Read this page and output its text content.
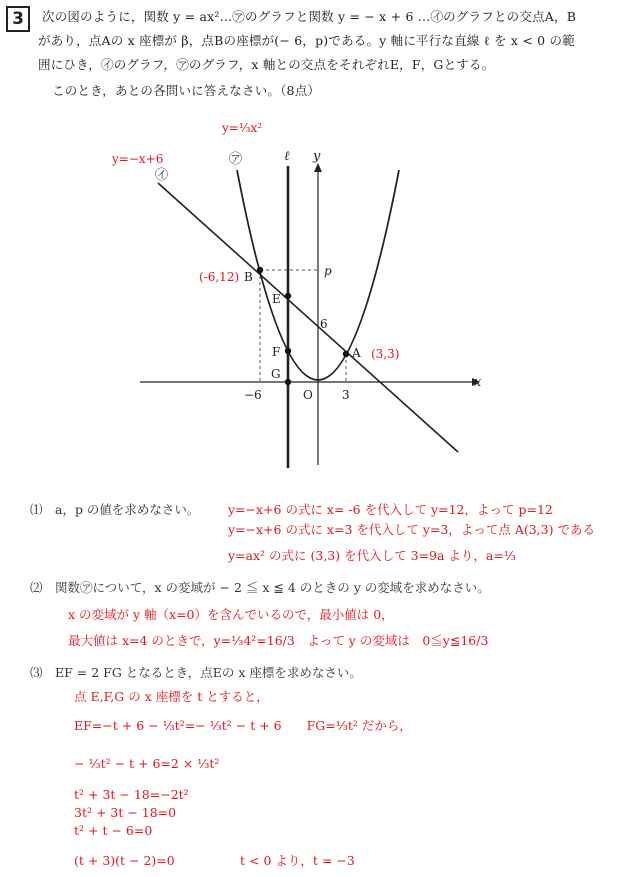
3	次の図のように，関数 y = ax²…㋐のグラフと関数 y = − x + 6 …㋑のグラフとの交点A，B
があり，点Aの x 座標が β，点Bの座標が(− 6，p)である。y 軸に平行な直線 ℓ を x < 0 の範
囲にひき，㋑のグラフ，㋐のグラフ，x 軸との交点をそれぞれE，F，Gとする。
このとき，あとの各問いに答えなさい。（8点）
y=⅓x²
y=−x+6	㋐
㋑
ℓ y
x
B
(-6,12)	p
E
6
F	A (3,3)
G
−6	O 3
⑴　a，p の値を求めなさい。 y=−x+6 の式に x= -6 を代入して y=12，よって p=12
y=−x+6 の式に x=3 を代入して y=3，よって点 A(3,3) である
y=ax² の式に (3,3) を代入して 3=9a より，a=⅓
⑵　関数㋐について，x の変域が − 2 ≦ x ≦ 4 のときの y の変域を求めなさい。
x の変域が y 軸（x=0）を含んでいるので，最小値は 0，
最大値は x=4 のときで，y=⅓4²=16/3　よって y の変域は　0≦y≦16/3
⑶　EF = 2 FG となるとき，点Eの x 座標を求めなさい。
点 E,F,G の x 座標を t とすると，
EF=−t + 6 − ⅓t²=− ⅓t² − t + 6　　FG=⅓t² だから，
− ⅓t² − t + 6=2 × ⅓t²
t² + 3t − 18=−2t²
3t² + 3t − 18=0
t² + t − 6=0
(t + 3)(t − 2)=0	t < 0 より，t = −3
